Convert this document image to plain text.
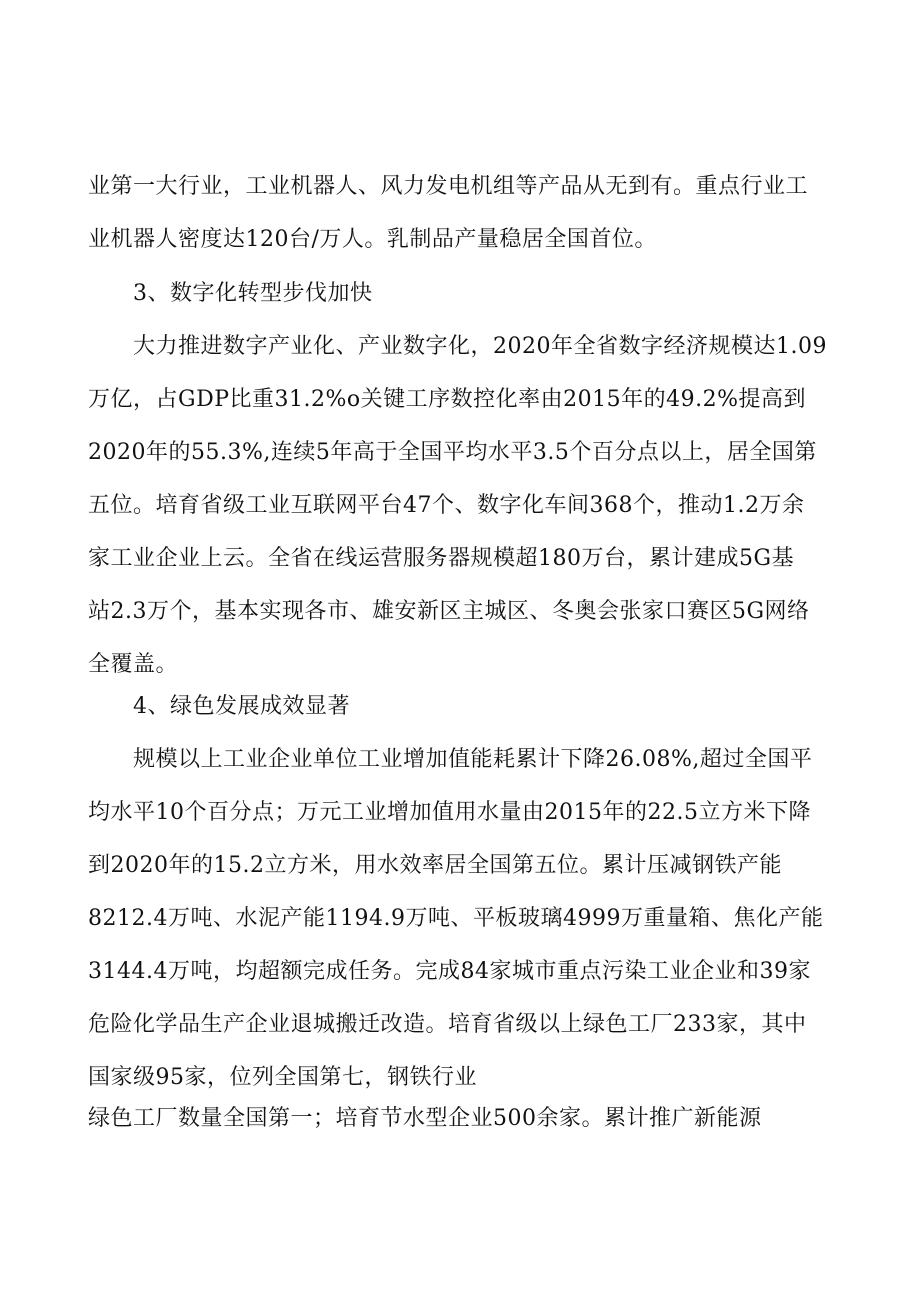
业第一大行业，工业机器人、风力发电机组等产品从无到有。重点行业工
业机器人密度达120台/万人。乳制品产量稳居全国首位。
3、数字化转型步伐加快
大力推进数字产业化、产业数字化，2020年全省数字经济规模达1.09
万亿，占GDP比重31.2%o关键工序数控化率由2015年的49.2%提高到
2020年的55.3%,连续5年高于全国平均水平3.5个百分点以上，居全国第
五位。培育省级工业互联网平台47个、数字化车间368个，推动1.2万余
家工业企业上云。全省在线运营服务器规模超180万台，累计建成5G基
站2.3万个，基本实现各市、雄安新区主城区、冬奥会张家口赛区5G网络
全覆盖。
4、绿色发展成效显著
规模以上工业企业单位工业增加值能耗累计下降26.08%,超过全国平
均水平10个百分点；万元工业增加值用水量由2015年的22.5立方米下降
到2020年的15.2立方米，用水效率居全国第五位。累计压减钢铁产能
8212.4万吨、水泥产能1194.9万吨、平板玻璃4999万重量箱、焦化产能
3144.4万吨，均超额完成任务。完成84家城市重点污染工业企业和39家
危险化学品生产企业退城搬迁改造。培育省级以上绿色工厂233家，其中
国家级95家，位列全国第七，钢铁行业
绿色工厂数量全国第一；培育节水型企业500余家。累计推广新能源
